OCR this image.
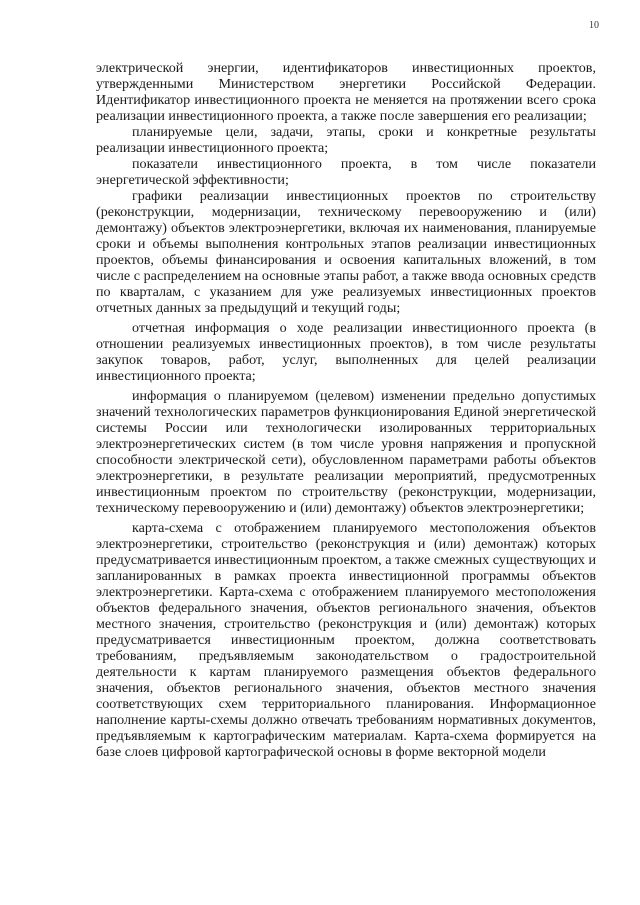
10

электрической энергии, идентификаторов инвестиционных проектов, утвержденными Министерством энергетики Российской Федерации. Идентификатор инвестиционного проекта не меняется на протяжении всего срока реализации инвестиционного проекта, а также после завершения его реализации;

планируемые цели, задачи, этапы, сроки и конкретные результаты реализации инвестиционного проекта;

показатели инвестиционного проекта, в том числе показатели энергетической эффективности;

графики реализации инвестиционных проектов по строительству (реконструкции, модернизации, техническому перевооружению и (или) демонтажу) объектов электроэнергетики, включая их наименования, планируемые сроки и объемы выполнения контрольных этапов реализации инвестиционных проектов, объемы финансирования и освоения капитальных вложений, в том числе с распределением на основные этапы работ, а также ввода основных средств по кварталам, с указанием для уже реализуемых инвестиционных проектов отчетных данных за предыдущий и текущий годы;

отчетная информация о ходе реализации инвестиционного проекта (в отношении реализуемых инвестиционных проектов), в том числе результаты закупок товаров, работ, услуг, выполненных для целей реализации инвестиционного проекта;

информация о планируемом (целевом) изменении предельно допустимых значений технологических параметров функционирования Единой энергетической системы России или технологически изолированных территориальных электроэнергетических систем (в том числе уровня напряжения и пропускной способности электрической сети), обусловленном параметрами работы объектов электроэнергетики, в результате реализации мероприятий, предусмотренных инвестиционным проектом по строительству (реконструкции, модернизации, техническому перевооружению и (или) демонтажу) объектов электроэнергетики;

карта-схема с отображением планируемого местоположения объектов электроэнергетики, строительство (реконструкция и (или) демонтаж) которых предусматривается инвестиционным проектом, а также смежных существующих и запланированных в рамках проекта инвестиционной программы объектов электроэнергетики. Карта-схема с отображением планируемого местоположения объектов федерального значения, объектов регионального значения, объектов местного значения, строительство (реконструкция и (или) демонтаж) которых предусматривается инвестиционным проектом, должна соответствовать требованиям, предъявляемым законодательством о градостроительной деятельности к картам планируемого размещения объектов федерального значения, объектов регионального значения, объектов местного значения соответствующих схем территориального планирования. Информационное наполнение карты-схемы должно отвечать требованиям нормативных документов, предъявляемым к картографическим материалам. Карта-схема формируется на базе слоев цифровой картографической основы в форме векторной модели
